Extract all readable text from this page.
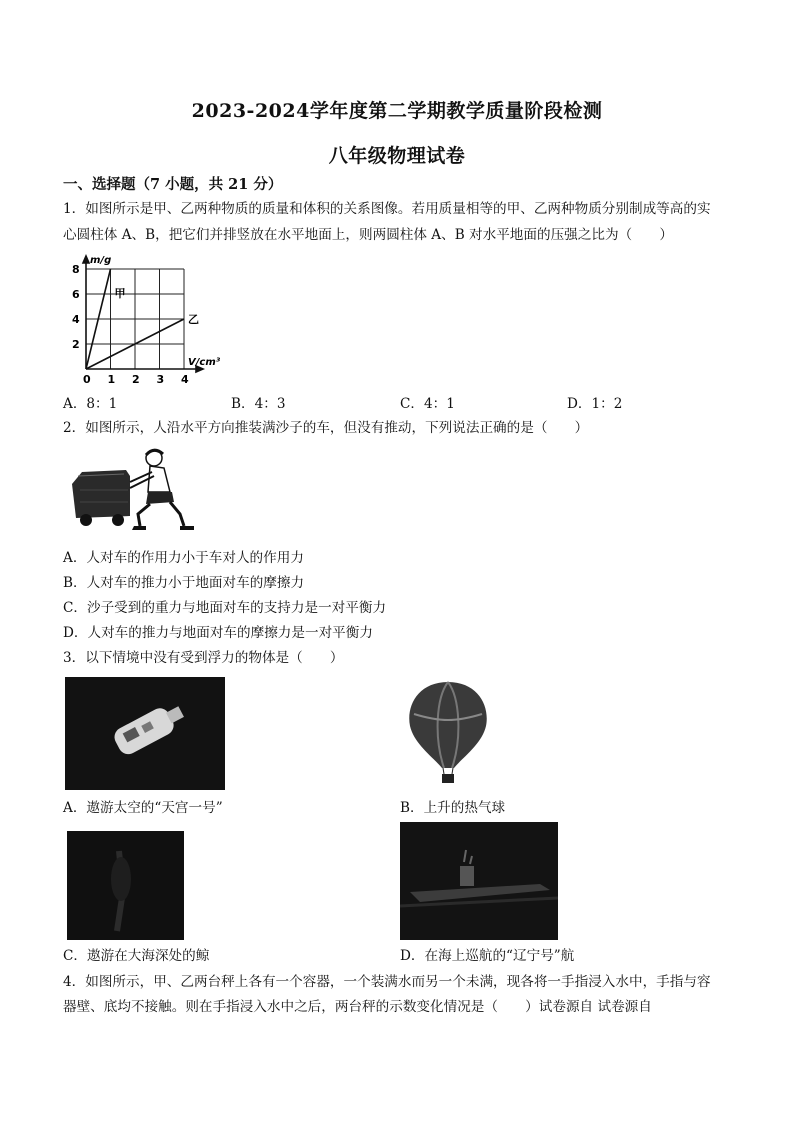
2023-2024学年度第二学期教学质量阶段检测
八年级物理试卷
一、选择题（7 小题，共 21 分）
1．如图所示是甲、乙两种物质的质量和体积的关系图像。若用质量相等的甲、乙两种物质分别制成等高的实
心圆柱体 A、B，把它们并排竖放在水平地面上，则两圆柱体 A、B 对水平地面的压强之比为（　　）
0 1 2 3 4
2
4
6
8
甲
乙
m/g
V/cm³
A．8：1	B．4：3	C．4：1	D．1：2
2．如图所示，人沿水平方向推装满沙子的车，但没有推动，下列说法正确的是（　　）
A．人对车的作用力小于车对人的作用力
B．人对车的推力小于地面对车的摩擦力
C．沙子受到的重力与地面对车的支持力是一对平衡力
D．人对车的推力与地面对车的摩擦力是一对平衡力
3．以下情境中没有受到浮力的物体是（　　）
A．遨游太空的“天宫一号”	B．上升的热气球
C．遨游在大海深处的鲸	D．在海上巡航的“辽宁号”航
4．如图所示，甲、乙两台秤上各有一个容器，一个装满水而另一个未满，现各将一手指浸入水中，手指与容
器壁、底均不接触。则在手指浸入水中之后，两台秤的示数变化情况是（　　）试卷源自 试卷源自
